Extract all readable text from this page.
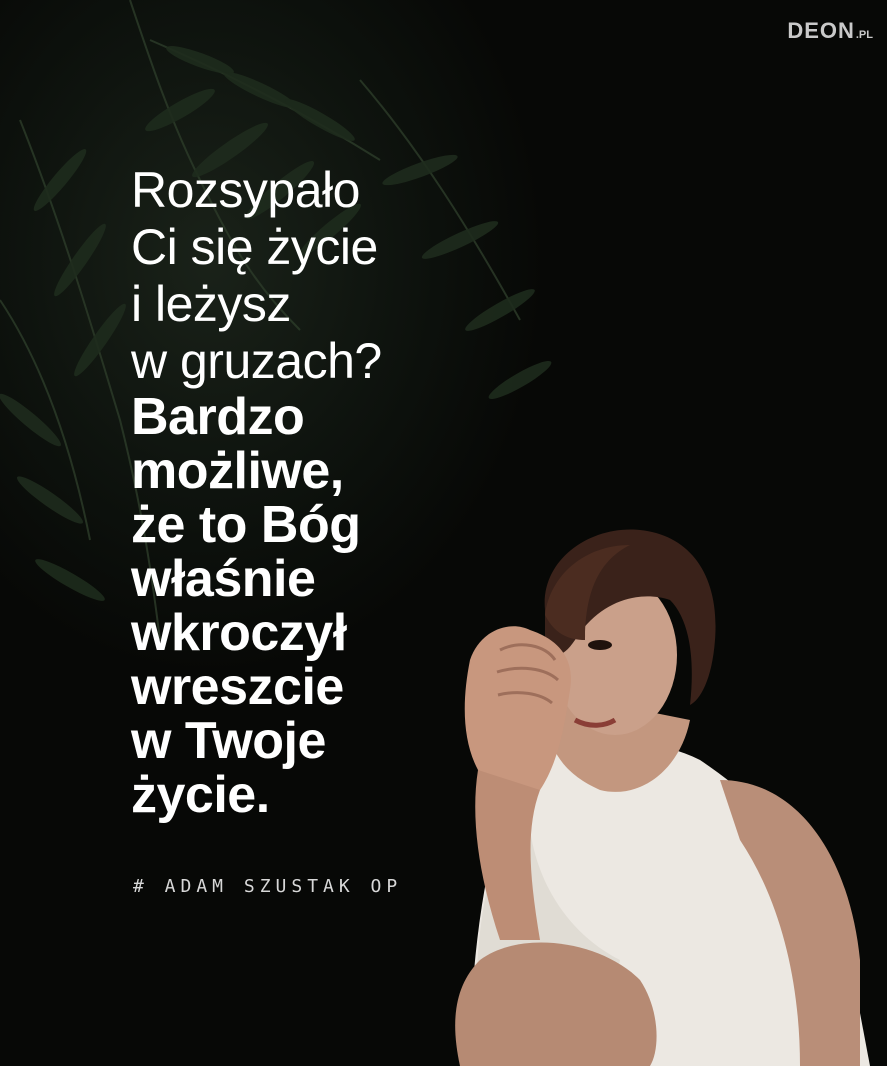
DEON .PL

Rozsypało
Ci się życie
i leżysz
w gruzach?

Bardzo
możliwe,
że to Bóg
właśnie
wkroczył
wreszcie
w Twoje
życie.

# ADAM SZUSTAK OP
